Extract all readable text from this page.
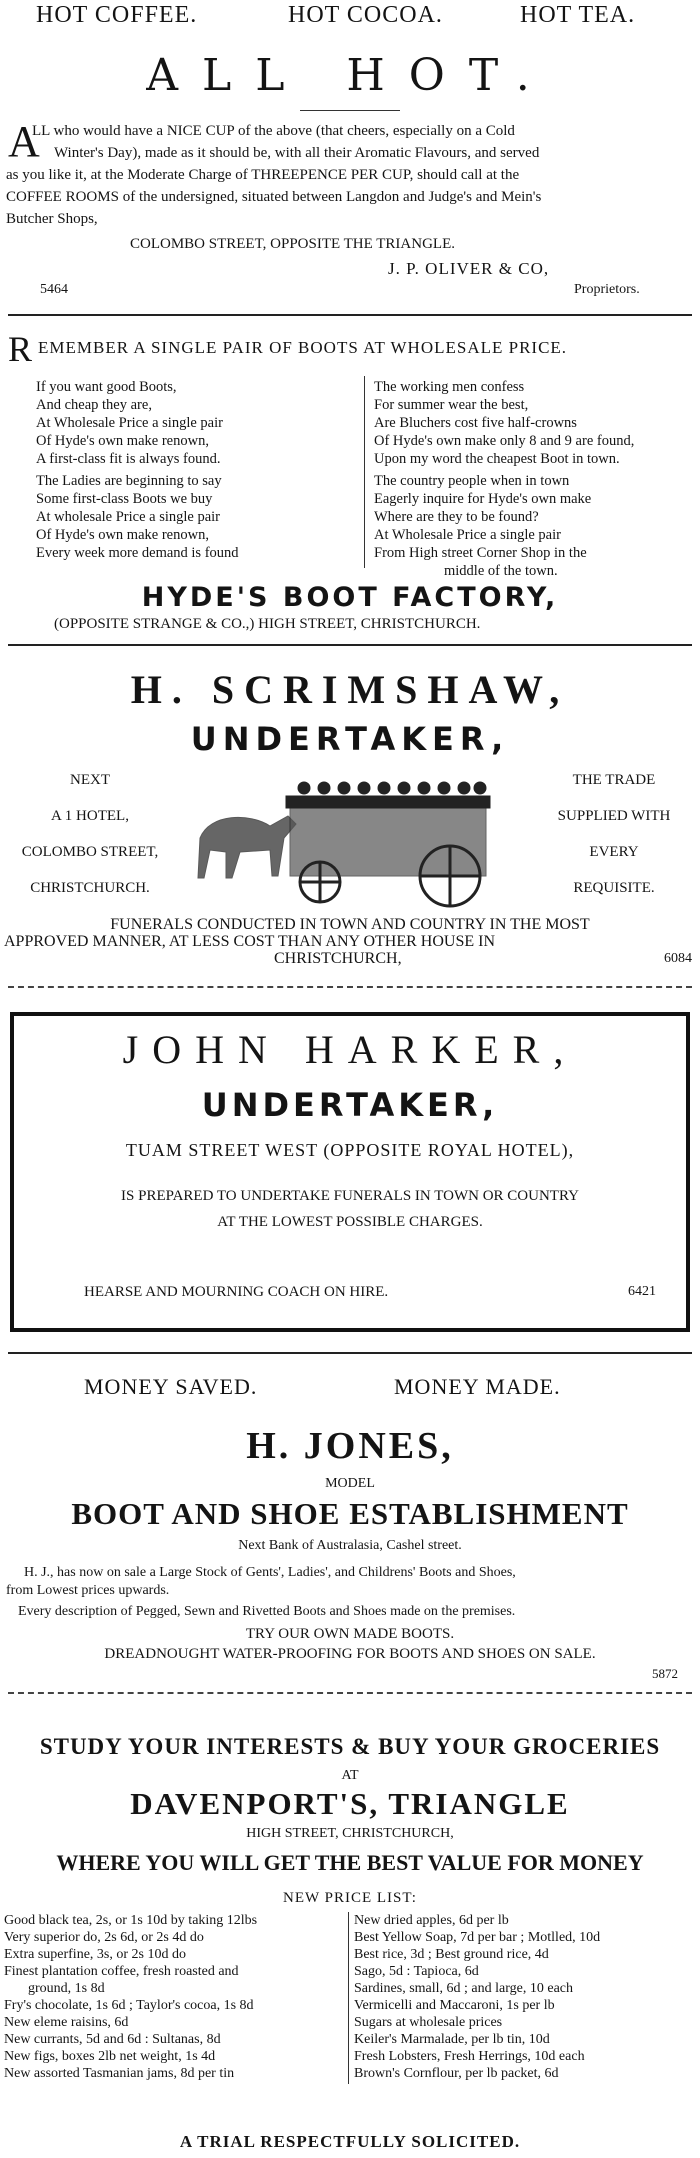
HOT COFFEE.	HOT COCOA.	HOT TEA.
ALL HOT.
A
LL who would have a NICE CUP of the above (that cheers, especially on a Cold
Winter's Day), made as it should be, with all their Aromatic Flavours, and served
as you like it, at the Moderate Charge of THREEPENCE PER CUP, should call at the
COFFEE ROOMS of the undersigned, situated between Langdon and Judge's and Mein's
Butcher Shops,
COLOMBO STREET, OPPOSITE THE TRIANGLE.
J. P. OLIVER & CO,
5464	Proprietors.
R EMEMBER A SINGLE PAIR OF BOOTS AT WHOLESALE PRICE.

If you want good Boots,

And cheap they are,

At Wholesale Price a single pair

Of Hyde's own make renown,

A first-class fit is always found.

The Ladies are beginning to say

Some first-class Boots we buy

At wholesale Price a single pair

Of Hyde's own make renown,

Every week more demand is found

The working men confess

For summer wear the best,

Are Bluchers cost five half-crowns

Of Hyde's own make only 8 and 9 are found,

Upon my word the cheapest Boot in town.

The country people when in town

Eagerly inquire for Hyde's own make

Where are they to be found?

At Wholesale Price a single pair

From High street Corner Shop in the

middle of the town.

HYDE'S BOOT FACTORY,
(OPPOSITE STRANGE & CO.,) HIGH STREET, CHRISTCHURCH.
H. SCRIMSHAW,
UNDERTAKER,
NEXT
A 1 HOTEL,
COLOMBO STREET,
CHRISTCHURCH.
THE TRADE
SUPPLIED WITH
EVERY
REQUISITE.
FUNERALS CONDUCTED IN TOWN AND COUNTRY IN THE MOST
APPROVED MANNER, AT LESS COST THAN ANY OTHER HOUSE IN
CHRISTCHURCH,	6084
JOHN HARKER,
UNDERTAKER,
TUAM STREET WEST (OPPOSITE ROYAL HOTEL),
IS PREPARED TO UNDERTAKE FUNERALS IN TOWN OR COUNTRY
AT THE LOWEST POSSIBLE CHARGES.
HEARSE AND MOURNING COACH ON HIRE.	6421
MONEY SAVED.	MONEY MADE.
H. JONES,
MODEL
BOOT AND SHOE ESTABLISHMENT
Next Bank of Australasia, Cashel street.
H. J., has now on sale a Large Stock of Gents', Ladies', and Childrens' Boots and Shoes,
from Lowest prices upwards.
Every description of Pegged, Sewn and Rivetted Boots and Shoes made on the premises.
TRY OUR OWN MADE BOOTS.
DREADNOUGHT WATER-PROOFING FOR BOOTS AND SHOES ON SALE.
5872
STUDY YOUR INTERESTS & BUY YOUR GROCERIES
AT
DAVENPORT'S, TRIANGLE
HIGH STREET, CHRISTCHURCH,
WHERE YOU WILL GET THE BEST VALUE FOR MONEY
NEW PRICE LIST:

Good black tea, 2s, or 1s 10d by taking 12lbs

Very superior do, 2s 6d, or 2s 4d do

Extra superfine, 3s, or 2s 10d do

Finest plantation coffee, fresh roasted and

ground, 1s 8d

Fry's chocolate, 1s 6d ; Taylor's cocoa, 1s 8d

New eleme raisins, 6d

New currants, 5d and 6d : Sultanas, 8d

New figs, boxes 2lb net weight, 1s 4d

New assorted Tasmanian jams, 8d per tin

New dried apples, 6d per lb

Best Yellow Soap, 7d per bar ; Motlled, 10d

Best rice, 3d ; Best ground rice, 4d

Sago, 5d : Tapioca, 6d

Sardines, small, 6d ; and large, 10 each

Vermicelli and Maccaroni, 1s per lb

Sugars at wholesale prices

Keiler's Marmalade, per lb tin, 10d

Fresh Lobsters, Fresh Herrings, 10d each

Brown's Cornflour, per lb packet, 6d

A TRIAL RESPECTFULLY SOLICITED.
